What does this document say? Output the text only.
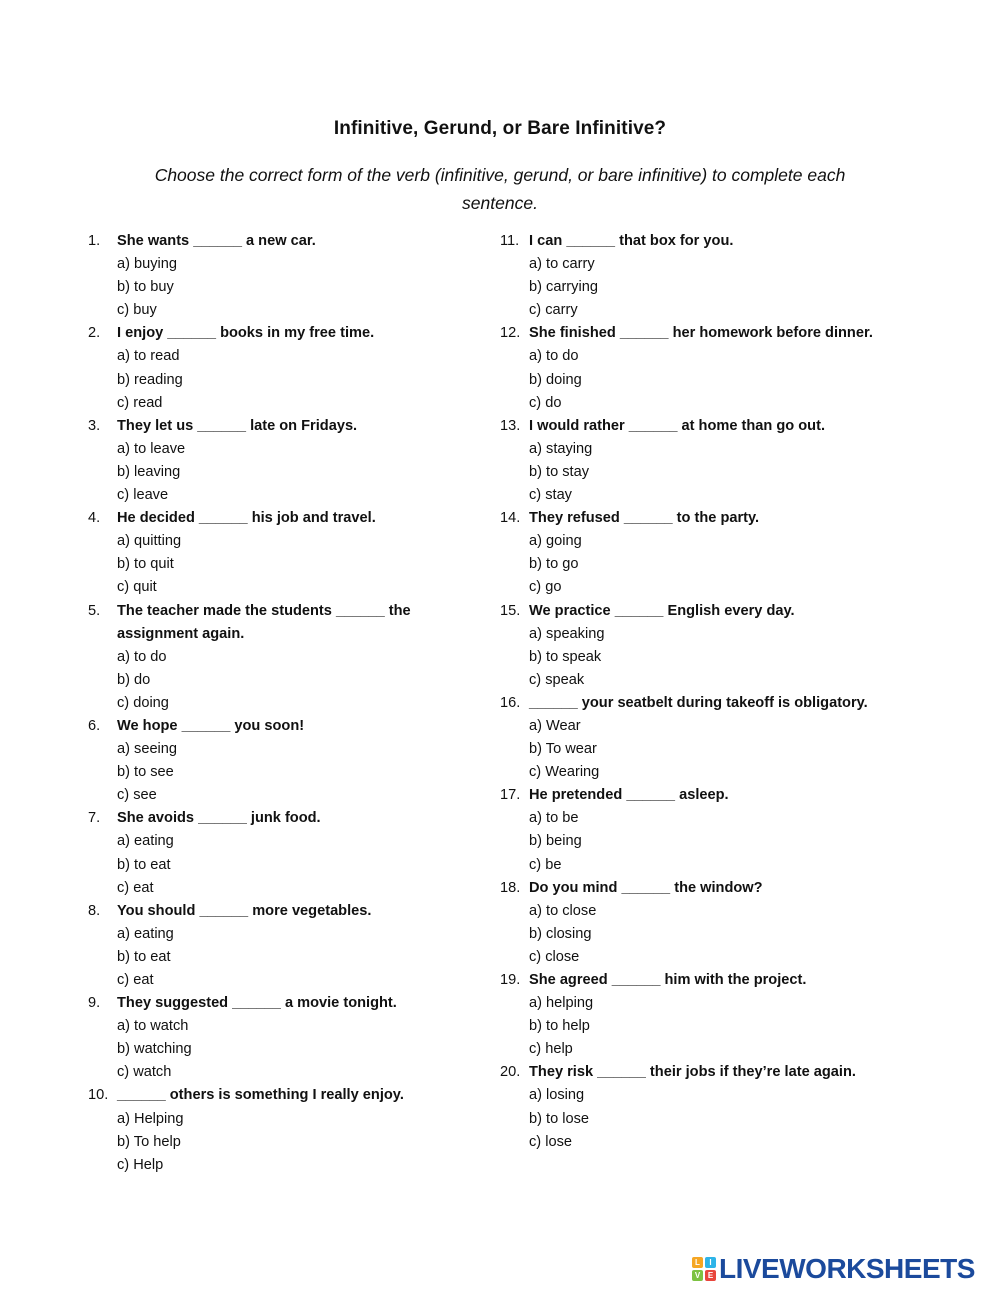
Infinitive, Gerund, or Bare Infinitive?
Choose the correct form of the verb (infinitive, gerund, or bare infinitive) to complete each sentence.
1.	She wants ______ a new car.
a) buying
b) to buy
c) buy
2.	I enjoy ______ books in my free time.
a) to read
b) reading
c) read
3.	They let us ______ late on Fridays.
a) to leave
b) leaving
c) leave
4.	He decided ______ his job and travel.
a) quitting
b) to quit
c) quit
5.	The teacher made the students ______ the assignment again.
a) to do
b) do
c) doing
6.	We hope ______ you soon!
a) seeing
b) to see
c) see
7.	She avoids ______ junk food.
a) eating
b) to eat
c) eat
8.	You should ______ more vegetables.
a) eating
b) to eat
c) eat
9.	They suggested ______ a movie tonight.
a) to watch
b) watching
c) watch
10. ______ others is something I really enjoy.
a) Helping
b) To help
c) Help
11. I can ______ that box for you.
a) to carry
b) carrying
c) carry
12. She finished ______ her homework before dinner.
a) to do
b) doing
c) do
13. I would rather ______ at home than go out.
a) staying
b) to stay
c) stay
14. They refused ______ to the party.
a) going
b) to go
c) go
15. We practice ______ English every day.
a) speaking
b) to speak
c) speak
16. ______ your seatbelt during takeoff is obligatory.
a) Wear
b) To wear
c) Wearing
17. He pretended ______ asleep.
a) to be
b) being
c) be
18. Do you mind ______ the window?
a) to close
b) closing
c) close
19. She agreed ______ him with the project.
a) helping
b) to help
c) help
20. They risk ______ their jobs if they’re late again.
a) losing
b) to lose
c) lose
L	I
V E LIVEWORKSHEETS
